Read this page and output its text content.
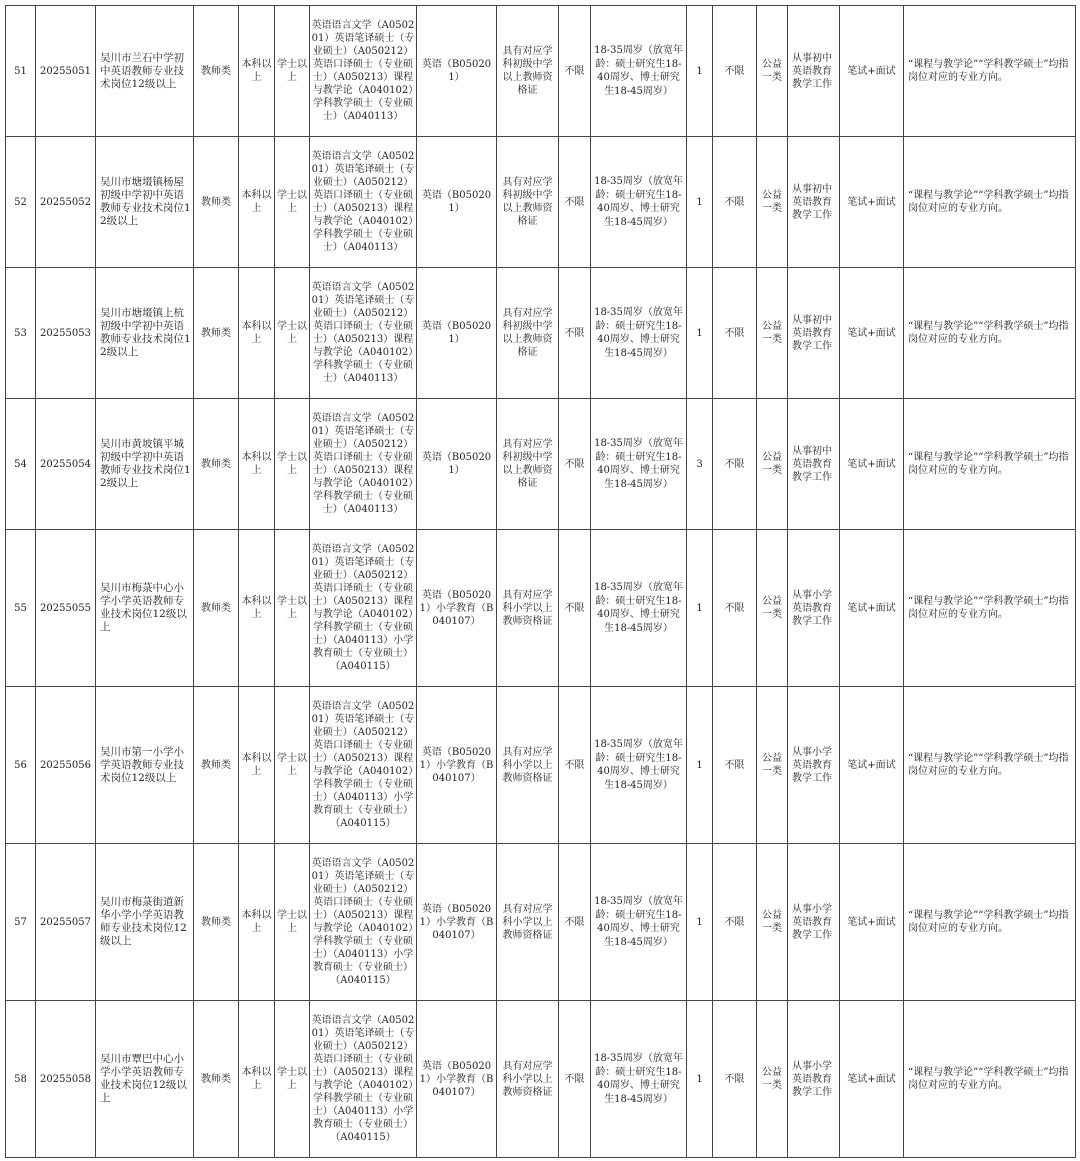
51	20255051	吴川市兰石中学初中英语教师专业技术岗位12级以上	教师类	本科以上	学士以上	英语语言文学（A050201）英语笔译硕士（专业硕士）（A050212）英语口译硕士（专业硕士）（A050213）课程与教学论（A040102）学科教学硕士（专业硕士）（A040113）	英语（B050201）	具有对应学科初级中学以上教师资格证	不限	18-35周岁（放宽年龄：硕士研究生18-40周岁、博士研究生18-45周岁）	1	不限	公益一类	从事初中英语教育教学工作	笔试+面试	“课程与教学论”“学科教学硕士”均指岗位对应的专业方向。
52	20255052	吴川市塘㙍镇杨屋初级中学初中英语教师专业技术岗位12级以上	教师类	本科以上	学士以上	英语语言文学（A050201）英语笔译硕士（专业硕士）（A050212）英语口译硕士（专业硕士）（A050213）课程与教学论（A040102）学科教学硕士（专业硕士）（A040113）	英语（B050201）	具有对应学科初级中学以上教师资格证	不限	18-35周岁（放宽年龄：硕士研究生18-40周岁、博士研究生18-45周岁）	1	不限	公益一类	从事初中英语教育教学工作	笔试+面试	“课程与教学论”“学科教学硕士”均指岗位对应的专业方向。
53	20255053	吴川市塘㙍镇上杭初级中学初中英语教师专业技术岗位12级以上	教师类	本科以上	学士以上	英语语言文学（A050201）英语笔译硕士（专业硕士）（A050212）英语口译硕士（专业硕士）（A050213）课程与教学论（A040102）学科教学硕士（专业硕士）（A040113）	英语（B050201）	具有对应学科初级中学以上教师资格证	不限	18-35周岁（放宽年龄：硕士研究生18-40周岁、博士研究生18-45周岁）	1	不限	公益一类	从事初中英语教育教学工作	笔试+面试	“课程与教学论”“学科教学硕士”均指岗位对应的专业方向。
54	20255054	吴川市黄坡镇平城初级中学初中英语教师专业技术岗位12级以上	教师类	本科以上	学士以上	英语语言文学（A050201）英语笔译硕士（专业硕士）（A050212）英语口译硕士（专业硕士）（A050213）课程与教学论（A040102）学科教学硕士（专业硕士）（A040113）	英语（B050201）	具有对应学科初级中学以上教师资格证	不限	18-35周岁（放宽年龄：硕士研究生18-40周岁、博士研究生18-45周岁）	3	不限	公益一类	从事初中英语教育教学工作	笔试+面试	“课程与教学论”“学科教学硕士”均指岗位对应的专业方向。
55	20255055	吴川市梅菉中心小学小学英语教师专业技术岗位12级以上	教师类	本科以上	学士以上	英语语言文学（A050201）英语笔译硕士（专业硕士）（A050212）英语口译硕士（专业硕士）（A050213）课程与教学论（A040102）学科教学硕士（专业硕士）（A040113）小学教育硕士（专业硕士）（A040115）	英语（B050201）小学教育（B040107）	具有对应学科小学以上教师资格证	不限	18-35周岁（放宽年龄：硕士研究生18-40周岁、博士研究生18-45周岁）	1	不限	公益一类	从事小学英语教育教学工作	笔试+面试	“课程与教学论”“学科教学硕士”均指岗位对应的专业方向。
56	20255056	吴川市第一小学小学英语教师专业技术岗位12级以上	教师类	本科以上	学士以上	英语语言文学（A050201）英语笔译硕士（专业硕士）（A050212）英语口译硕士（专业硕士）（A050213）课程与教学论（A040102）学科教学硕士（专业硕士）（A040113）小学教育硕士（专业硕士）（A040115）	英语（B050201）小学教育（B040107）	具有对应学科小学以上教师资格证	不限	18-35周岁（放宽年龄：硕士研究生18-40周岁、博士研究生18-45周岁）	1	不限	公益一类	从事小学英语教育教学工作	笔试+面试	“课程与教学论”“学科教学硕士”均指岗位对应的专业方向。
57	20255057	吴川市梅菉街道新华小学小学英语教师专业技术岗位12级以上	教师类	本科以上	学士以上	英语语言文学（A050201）英语笔译硕士（专业硕士）（A050212）英语口译硕士（专业硕士）（A050213）课程与教学论（A040102）学科教学硕士（专业硕士）（A040113）小学教育硕士（专业硕士）（A040115）	英语（B050201）小学教育（B040107）	具有对应学科小学以上教师资格证	不限	18-35周岁（放宽年龄：硕士研究生18-40周岁、博士研究生18-45周岁）	1	不限	公益一类	从事小学英语教育教学工作	笔试+面试	“课程与教学论”“学科教学硕士”均指岗位对应的专业方向。
58	20255058	吴川市覃巴中心小学小学英语教师专业技术岗位12级以上	教师类	本科以上	学士以上	英语语言文学（A050201）英语笔译硕士（专业硕士）（A050212）英语口译硕士（专业硕士）（A050213）课程与教学论（A040102）学科教学硕士（专业硕士）（A040113）小学教育硕士（专业硕士）（A040115）	英语（B050201）小学教育（B040107）	具有对应学科小学以上教师资格证	不限	18-35周岁（放宽年龄：硕士研究生18-40周岁、博士研究生18-45周岁）	1	不限	公益一类	从事小学英语教育教学工作	笔试+面试	“课程与教学论”“学科教学硕士”均指岗位对应的专业方向。
